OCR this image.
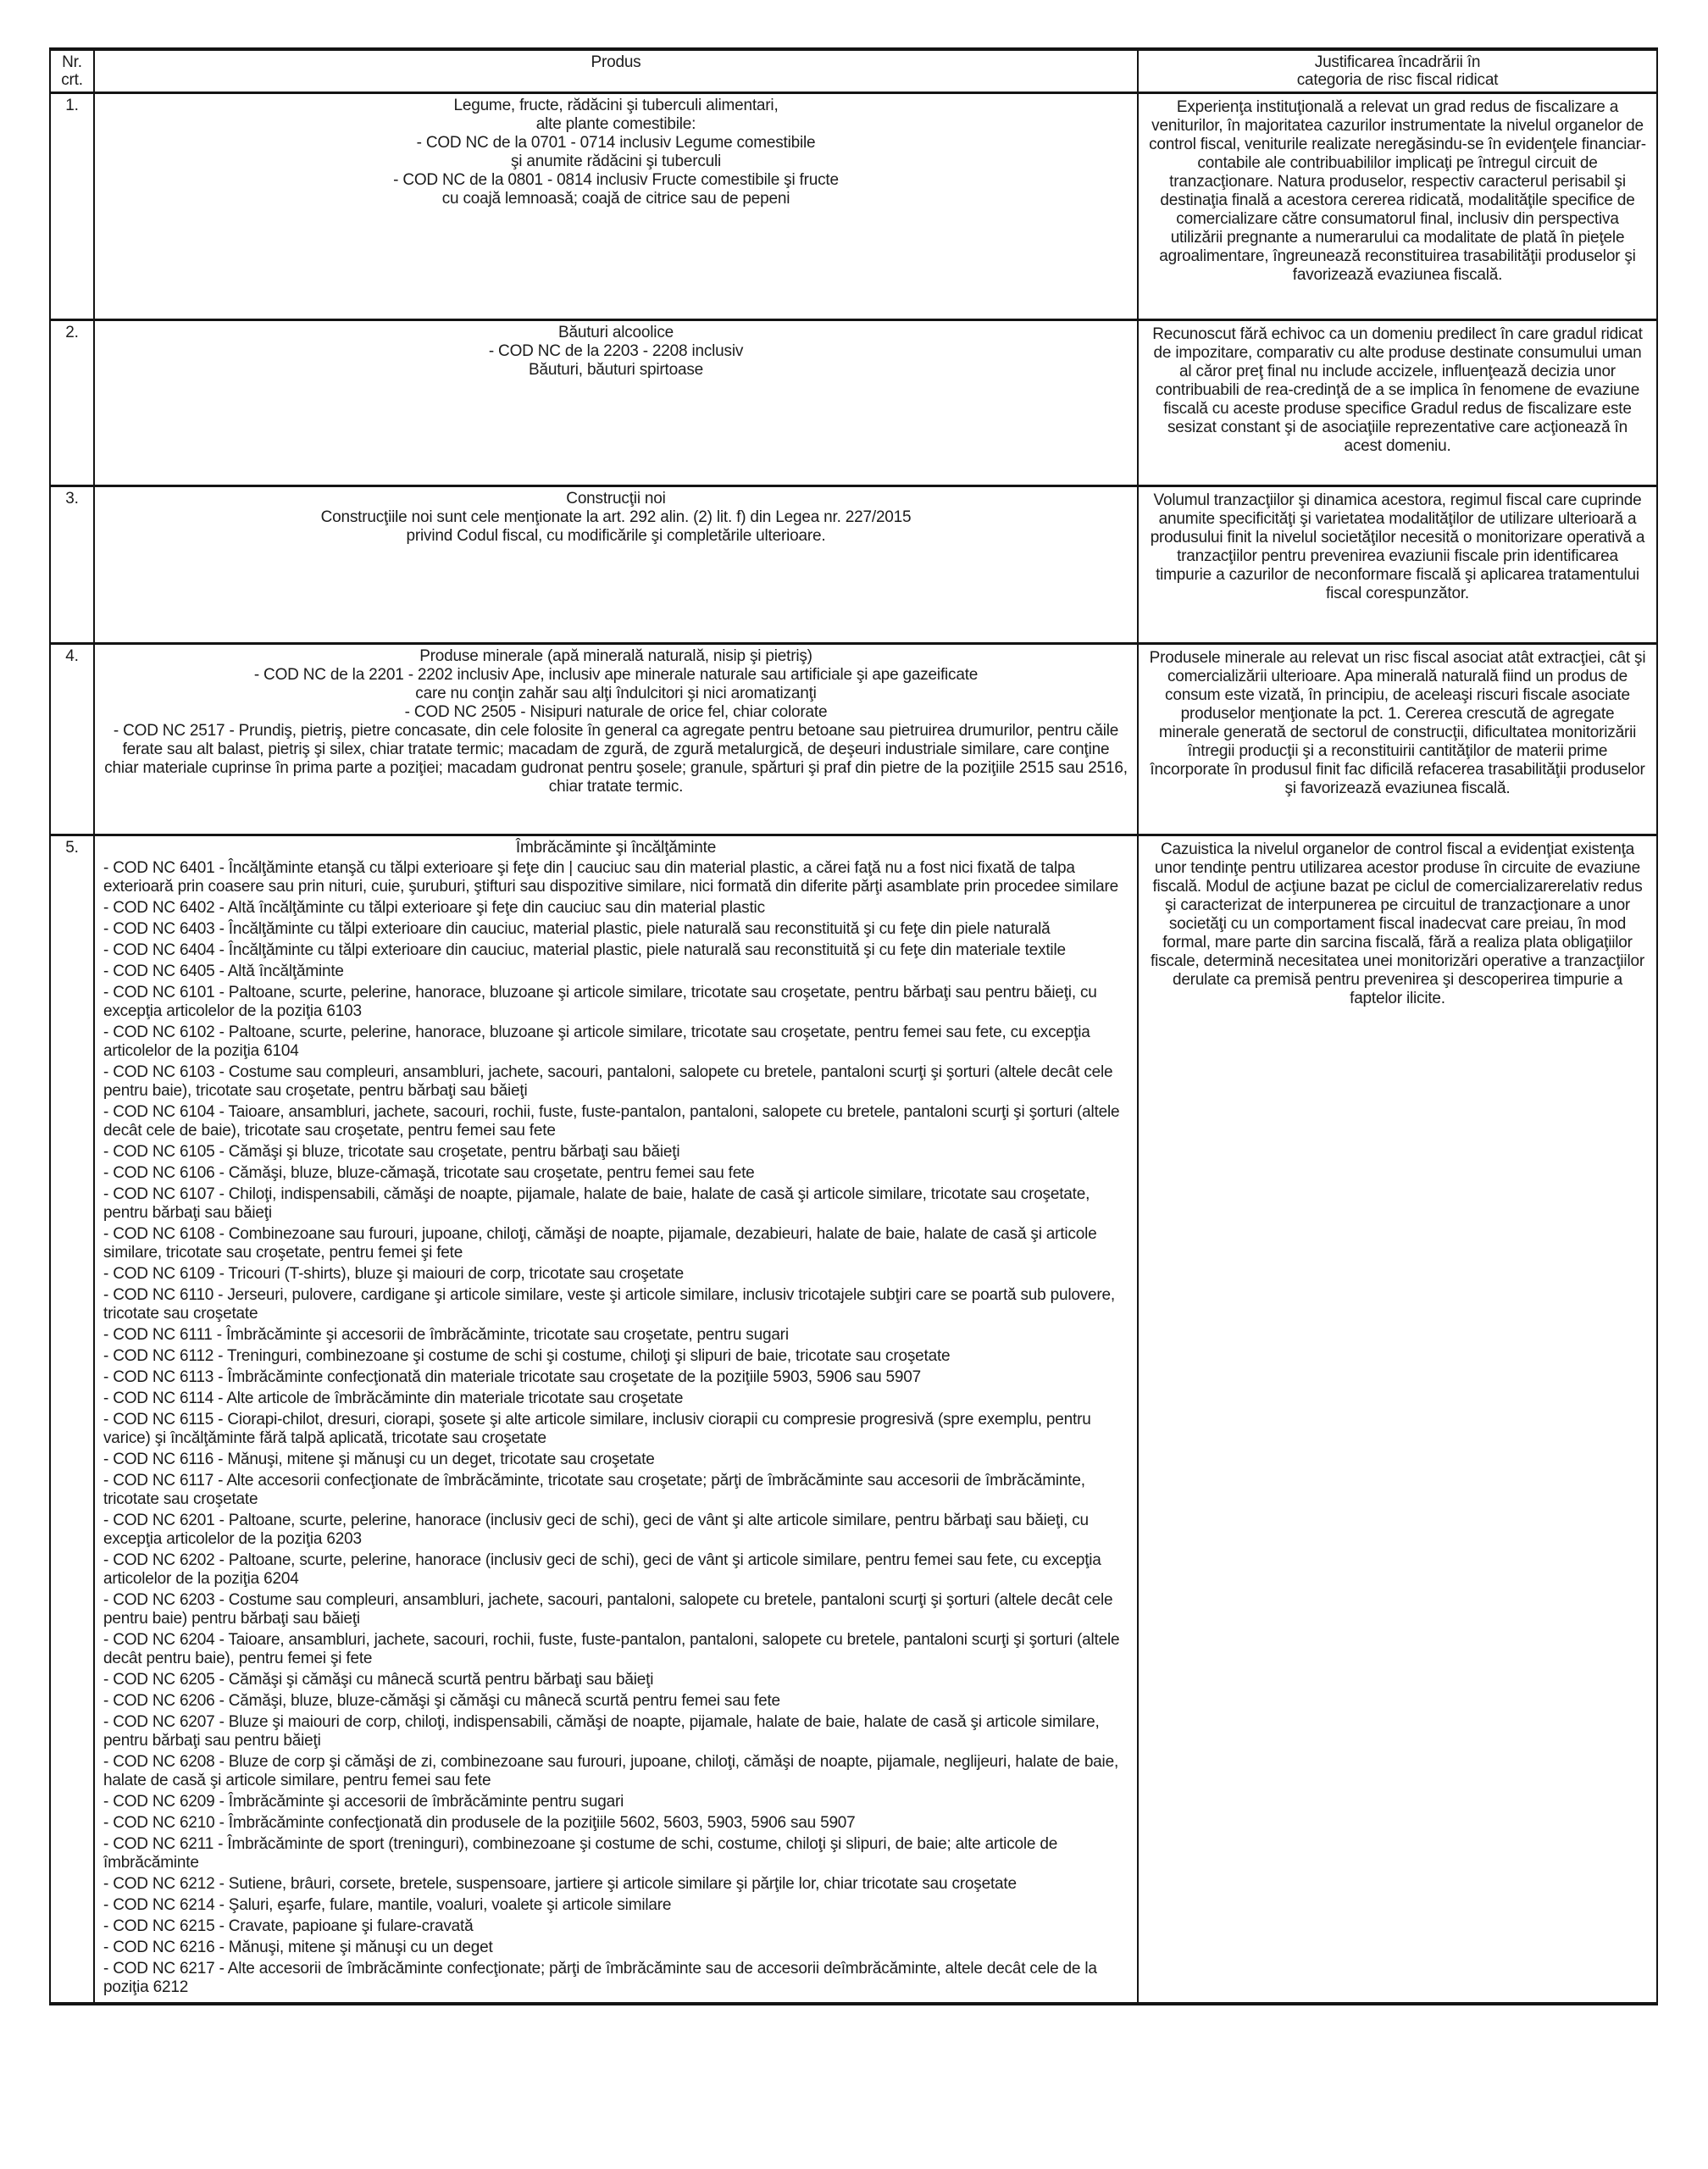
Nr.
crt.
	Produs	Justificarea încadrării în
categoria de risc fiscal ridicat

1.	Legume, fructe, rădăcini şi tuberculi alimentari,
alte plante comestibile:
- COD NC de la 0701 - 0714 inclusiv Legume comestibile
şi anumite rădăcini şi tuberculi
- COD NC de la 0801 - 0814 inclusiv Fructe comestibile şi fructe
cu coajă lemnoasă; coajă de citrice sau de pepeni
	Experienţa instituţională a relevat un grad redus de fiscalizare a veniturilor, în majoritatea cazurilor instrumentate la nivelul organelor de control fiscal, veniturile realizate neregăsindu-se în evidenţele financiar-contabile ale contribuabililor implicaţi pe întregul circuit de tranzacţionare. Natura produselor, respectiv caracterul perisabil şi destinaţia finală a acestora cererea ridicată, modalităţile specifice de comercializare către consumatorul final, inclusiv din perspectiva utilizării pregnante a numerarului ca modalitate de plată în pieţele agroalimentare, îngreunează reconstituirea trasabilităţii produselor şi favorizează evaziunea fiscală.
2.	Băuturi alcoolice
- COD NC de la 2203 - 2208 inclusiv
Băuturi, băuturi spirtoase
	Recunoscut fără echivoc ca un domeniu predilect în care gradul ridicat de impozitare, comparativ cu alte produse destinate consumului uman al căror preţ final nu include accizele, influenţează decizia unor contribuabili de rea-credinţă de a se implica în fenomene de evaziune fiscală cu aceste produse specifice Gradul redus de fiscalizare este sesizat constant şi de asociaţiile reprezentative care acţionează în acest domeniu.
3.	Construcţii noi
Construcţiile noi sunt cele menţionate la art. 292 alin. (2) lit. f) din Legea nr. 227/2015
privind Codul fiscal, cu modificările şi completările ulterioare.
	Volumul tranzacţiilor şi dinamica acestora, regimul fiscal care cuprinde anumite specificităţi şi varietatea modalităţilor de utilizare ulterioară a produsului finit la nivelul societăţilor necesită o monitorizare operativă a tranzacţiilor pentru prevenirea evaziunii fiscale prin identificarea timpurie a cazurilor de neconformare fiscală şi aplicarea tratamentului fiscal corespunzător.
4.	Produse minerale (apă minerală naturală, nisip şi pietriş)
- COD NC de la 2201 - 2202 inclusiv Ape, inclusiv ape minerale naturale sau artificiale şi ape gazeificate
care nu conţin zahăr sau alţi îndulcitori şi nici aromatizanţi
- COD NC 2505 - Nisipuri naturale de orice fel, chiar colorate
- COD NC 2517 - Prundiş, pietriş, pietre concasate, din cele folosite în general ca agregate pentru betoane sau pietruirea drumurilor, pentru căile ferate sau alt balast, pietriş şi silex, chiar tratate termic; macadam de zgură, de zgură metalurgică, de deşeuri industriale similare, care conţine chiar materiale cuprinse în prima parte a poziţiei; macadam gudronat pentru şosele; granule, spărturi şi praf din pietre de la poziţiile 2515 sau 2516, chiar tratate termic.
	Produsele minerale au relevat un risc fiscal asociat atât extracţiei, cât şi comercializării ulterioare. Apa minerală naturală fiind un produs de consum este vizată, în principiu, de aceleaşi riscuri fiscale asociate produselor menţionate la pct. 1. Cererea crescută de agregate minerale generată de sectorul de construcţii, dificultatea monitorizării întregii producţii şi a reconstituirii cantităţilor de materii prime încorporate în produsul finit fac dificilă refacerea trasabilităţii produselor şi favorizează evaziunea fiscală.
5.	Îmbrăcăminte şi încălţăminte
- COD NC 6401 - Încălţăminte etanşă cu tălpi exterioare şi feţe din | cauciuc sau din material plastic, a cărei faţă nu a fost nici fixată de talpa exterioară prin coasere sau prin nituri, cuie, şuruburi, ştifturi sau dispozitive similare, nici formată din diferite părţi asamblate prin procedee similare
- COD NC 6402 - Altă încălţăminte cu tălpi exterioare şi feţe din cauciuc sau din material plastic
- COD NC 6403 - Încălţăminte cu tălpi exterioare din cauciuc, material plastic, piele naturală sau reconstituită şi cu feţe din piele naturală
- COD NC 6404 - Încălţăminte cu tălpi exterioare din cauciuc, material plastic, piele naturală sau reconstituită şi cu feţe din materiale textile
- COD NC 6405 - Altă încălţăminte
- COD NC 6101 - Paltoane, scurte, pelerine, hanorace, bluzoane şi articole similare, tricotate sau croşetate, pentru bărbaţi sau pentru băieţi, cu excepţia articolelor de la poziţia 6103
- COD NC 6102 - Paltoane, scurte, pelerine, hanorace, bluzoane şi articole similare, tricotate sau croşetate, pentru femei sau fete, cu excepţia articolelor de la poziţia 6104
- COD NC 6103 - Costume sau compleuri, ansambluri, jachete, sacouri, pantaloni, salopete cu bretele, pantaloni scurţi şi şorturi (altele decât cele pentru baie), tricotate sau croşetate, pentru bărbaţi sau băieţi
- COD NC 6104 - Taioare, ansambluri, jachete, sacouri, rochii, fuste, fuste-pantalon, pantaloni, salopete cu bretele, pantaloni scurţi şi şorturi (altele decât cele de baie), tricotate sau croşetate, pentru femei sau fete
- COD NC 6105 - Cămăşi şi bluze, tricotate sau croşetate, pentru bărbaţi sau băieţi
- COD NC 6106 - Cămăşi, bluze, bluze-cămaşă, tricotate sau croşetate, pentru femei sau fete
- COD NC 6107 - Chiloţi, indispensabili, cămăşi de noapte, pijamale, halate de baie, halate de casă şi articole similare, tricotate sau croşetate, pentru bărbaţi sau băieţi
- COD NC 6108 - Combinezoane sau furouri, jupoane, chiloţi, cămăşi de noapte, pijamale, dezabieuri, halate de baie, halate de casă şi articole similare, tricotate sau croşetate, pentru femei şi fete
- COD NC 6109 - Tricouri (T-shirts), bluze şi maiouri de corp, tricotate sau croşetate
- COD NC 6110 - Jerseuri, pulovere, cardigane şi articole similare, veste şi articole similare, inclusiv tricotajele subţiri care se poartă sub pulovere, tricotate sau croşetate
- COD NC 6111 - Îmbrăcăminte şi accesorii de îmbrăcăminte, tricotate sau croşetate, pentru sugari
- COD NC 6112 - Treninguri, combinezoane şi costume de schi şi costume, chiloţi şi slipuri de baie, tricotate sau croşetate
- COD NC 6113 - Îmbrăcăminte confecţionată din materiale tricotate sau croşetate de la poziţiile 5903, 5906 sau 5907
- COD NC 6114 - Alte articole de îmbrăcăminte din materiale tricotate sau croşetate
- COD NC 6115 - Ciorapi-chilot, dresuri, ciorapi, şosete şi alte articole similare, inclusiv ciorapii cu compresie progresivă (spre exemplu, pentru varice) şi încălţăminte fără talpă aplicată, tricotate sau croşetate
- COD NC 6116 - Mănuşi, mitene şi mănuşi cu un deget, tricotate sau croşetate
- COD NC 6117 - Alte accesorii confecţionate de îmbrăcăminte, tricotate sau croşetate; părţi de îmbrăcăminte sau accesorii de îmbrăcăminte, tricotate sau croşetate
- COD NC 6201 - Paltoane, scurte, pelerine, hanorace (inclusiv geci de schi), geci de vânt şi alte articole similare, pentru bărbaţi sau băieţi, cu excepţia articolelor de la poziţia 6203
- COD NC 6202 - Paltoane, scurte, pelerine, hanorace (inclusiv geci de schi), geci de vânt şi articole similare, pentru femei sau fete, cu excepţia articolelor de la poziţia 6204
- COD NC 6203 - Costume sau compleuri, ansambluri, jachete, sacouri, pantaloni, salopete cu bretele, pantaloni scurţi şi şorturi (altele decât cele pentru baie) pentru bărbaţi sau băieţi
- COD NC 6204 - Taioare, ansambluri, jachete, sacouri, rochii, fuste, fuste-pantalon, pantaloni, salopete cu bretele, pantaloni scurţi şi şorturi (altele decât pentru baie), pentru femei şi fete
- COD NC 6205 - Cămăşi şi cămăşi cu mânecă scurtă pentru bărbaţi sau băieţi
- COD NC 6206 - Cămăşi, bluze, bluze-cămăşi şi cămăşi cu mânecă scurtă pentru femei sau fete
- COD NC 6207 - Bluze şi maiouri de corp, chiloţi, indispensabili, cămăşi de noapte, pijamale, halate de baie, halate de casă şi articole similare, pentru bărbaţi sau pentru băieţi
- COD NC 6208 - Bluze de corp şi cămăşi de zi, combinezoane sau furouri, jupoane, chiloţi, cămăşi de noapte, pijamale, neglijeuri, halate de baie, halate de casă şi articole similare, pentru femei sau fete
- COD NC 6209 - Îmbrăcăminte şi accesorii de îmbrăcăminte pentru sugari
- COD NC 6210 - Îmbrăcăminte confecţionată din produsele de la poziţiile 5602, 5603, 5903, 5906 sau 5907
- COD NC 6211 - Îmbrăcăminte de sport (treninguri), combinezoane şi costume de schi, costume, chiloţi şi slipuri, de baie; alte articole de îmbrăcăminte
- COD NC 6212 - Sutiene, brâuri, corsete, bretele, suspensoare, jartiere şi articole similare şi părţile lor, chiar tricotate sau croşetate
- COD NC 6214 - Şaluri, eşarfe, fulare, mantile, voaluri, voalete şi articole similare
- COD NC 6215 - Cravate, papioane şi fulare-cravată
- COD NC 6216 - Mănuşi, mitene şi mănuşi cu un deget
- COD NC 6217 - Alte accesorii de îmbrăcăminte confecţionate; părţi de îmbrăcăminte sau de accesorii deîmbrăcăminte, altele decât cele de la poziţia 6212
	Cazuistica la nivelul organelor de control fiscal a evidenţiat existenţa unor tendinţe pentru utilizarea acestor produse în circuite de evaziune fiscală. Modul de acţiune bazat pe ciclul de comercializarerelativ redus şi caracterizat de interpunerea pe circuitul de tranzacţionare a unor societăţi cu un comportament fiscal inadecvat care preiau, în mod formal, mare parte din sarcina fiscală, fără a realiza plata obligaţiilor fiscale, determină necesitatea unei monitorizări operative a tranzacţiilor derulate ca premisă pentru prevenirea şi descoperirea timpurie a faptelor ilicite.
